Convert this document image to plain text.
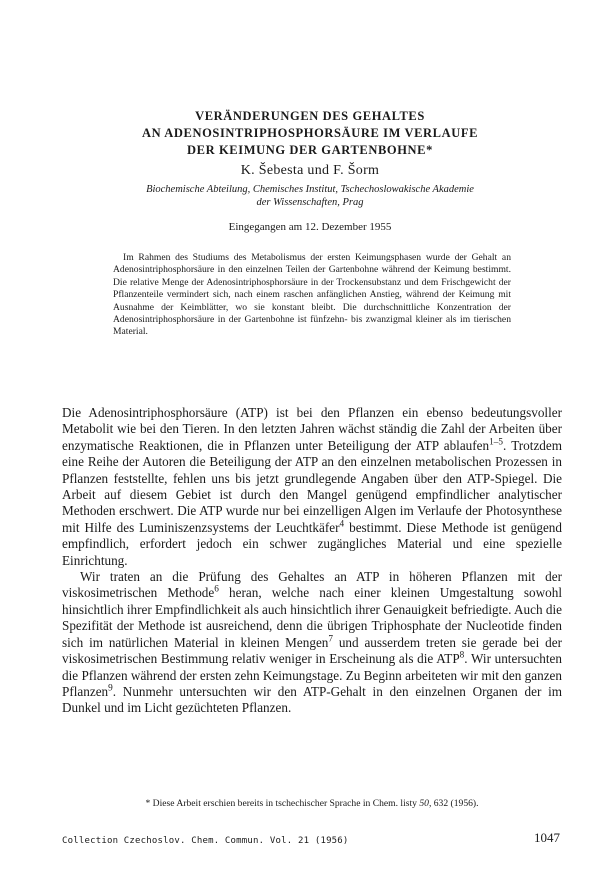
VERÄNDERUNGEN DES GEHALTES
AN ADENOSINTRIPHOSPHORSÄURE IM VERLAUFE
DER KEIMUNG DER GARTENBOHNE*
K. Šebesta und F. Šorm
Biochemische Abteilung, Chemisches Institut, Tschechoslowakische Akademie
der Wissenschaften, Prag
Eingegangen am 12. Dezember 1955
Im Rahmen des Studiums des Metabolismus der ersten Keimungsphasen wurde der Gehalt an Adenosintriphosphorsäure in den einzelnen Teilen der Gartenbohne während der Keimung bestimmt. Die relative Menge der Adenosintriphosphorsäure in der Trockensubstanz und dem Frischgewicht der Pflanzenteile vermindert sich, nach einem raschen anfänglichen Anstieg, während der Keimung mit Ausnahme der Keimblätter, wo sie konstant bleibt. Die durchschnittliche Konzentration der Adenosintriphosphorsäure in der Gartenbohne ist fünfzehn- bis zwanzigmal kleiner als im tierischen Material.

Die Adenosintriphosphorsäure (ATP) ist bei den Pflanzen ein ebenso bedeutungsvoller Metabolit wie bei den Tieren. In den letzten Jahren wächst ständig die Zahl der Arbeiten über enzymatische Reaktionen, die in Pflanzen unter Beteiligung der ATP ablaufen$^{1-5}$. Trotzdem eine Reihe der Autoren die Beteiligung der ATP an den einzelnen metabolischen Prozessen in Pflanzen feststellte, fehlen uns bis jetzt grundlegende Angaben über den ATP-Spiegel. Die Arbeit auf diesem Gebiet ist durch den Mangel genügend empfindlicher analytischer Methoden erschwert. Die ATP wurde nur bei einzelligen Algen im Verlaufe der Photosynthese mit Hilfe des Luminiszenzsystems der Leuchtkäfer$^4$ bestimmt. Diese Methode ist genügend empfindlich, erfordert jedoch ein schwer zugängliches Material und eine spezielle Einrichtung.

Wir traten an die Prüfung des Gehaltes an ATP in höheren Pflanzen mit der viskosimetrischen Methode$^6$ heran, welche nach einer kleinen Umgestaltung sowohl hinsichtlich ihrer Empfindlichkeit als auch hinsichtlich ihrer Genauigkeit befriedigte. Auch die Spezifität der Methode ist ausreichend, denn die übrigen Triphosphate der Nucleotide finden sich im natürlichen Material in kleinen Mengen$^7$ und ausserdem treten sie gerade bei der viskosimetrischen Bestimmung relativ weniger in Erscheinung als die ATP$^8$. Wir untersuchten die Pflanzen während der ersten zehn Keimungstage. Zu Beginn arbeiteten wir mit den ganzen Pflanzen$^9$. Nunmehr untersuchten wir den ATP-Gehalt in den einzelnen Organen der im Dunkel und im Licht gezüchteten Pflanzen.

* Diese Arbeit erschien bereits in tschechischer Sprache in Chem. listy 50, 632 (1956).
Collection Czechoslov. Chem. Commun. Vol. 21 (1956)	1047
